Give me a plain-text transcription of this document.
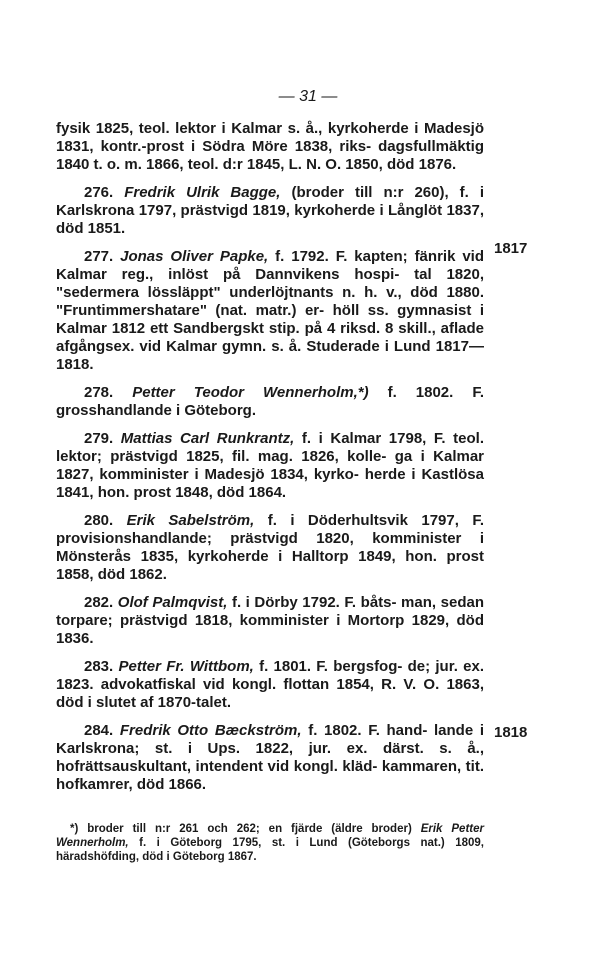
— 31 —

fysik 1825, teol. lektor i Kalmar s. å., kyrkoherde i Madesjö 1831, kontr.-prost i Södra Möre 1838, riks- dagsfullmäktig 1840 t. o. m. 1866, teol. d:r 1845, L. N. O. 1850, död 1876.

276. Fredrik Ulrik Bagge, (broder till n:r 260), f. i Karlskrona 1797, prästvigd 1819, kyrkoherde i Långlöt 1837, död 1851.

277. Jonas Oliver Papke, f. 1792. F. kapten; fänrik vid Kalmar reg., inlöst på Dannvikens hospi- tal 1820, "sedermera lössläppt" underlöjtnants n. h. v., död 1880. "Fruntimmershatare" (nat. matr.) er- höll ss. gymnasist i Kalmar 1812 ett Sandbergskt stip. på 4 riksd. 8 skill., aflade afgångsex. vid Kalmar gymn. s. å. Studerade i Lund 1817—1818.

278. Petter Teodor Wennerholm,*) f. 1802. F. grosshandlande i Göteborg.

279. Mattias Carl Runkrantz, f. i Kalmar 1798, F. teol. lektor; prästvigd 1825, fil. mag. 1826, kolle- ga i Kalmar 1827, komminister i Madesjö 1834, kyrko- herde i Kastlösa 1841, hon. prost 1848, död 1864.

280. Erik Sabelström, f. i Döderhultsvik 1797, F. provisionshandlande; prästvigd 1820, komminister i Mönsterås 1835, kyrkoherde i Halltorp 1849, hon. prost 1858, död 1862.

282. Olof Palmqvist, f. i Dörby 1792. F. båts- man, sedan torpare; prästvigd 1818, komminister i Mortorp 1829, död 1836.

283. Petter Fr. Wittbom, f. 1801. F. bergsfog- de; jur. ex. 1823. advokatfiskal vid kongl. flottan 1854, R. V. O. 1863, död i slutet af 1870-talet.

284. Fredrik Otto Bæckström, f. 1802. F. hand- lande i Karlskrona; st. i Ups. 1822, jur. ex. därst. s. å., hofrättsauskultant, intendent vid kongl. kläd- kammaren, tit. hofkamrer, död 1866.

1817
1818
*) broder till n:r 261 och 262; en fjärde (äldre broder) Erik Petter Wennerholm, f. i Göteborg 1795, st. i Lund (Göteborgs nat.) 1809, häradshöfding, död i Göteborg 1867.
